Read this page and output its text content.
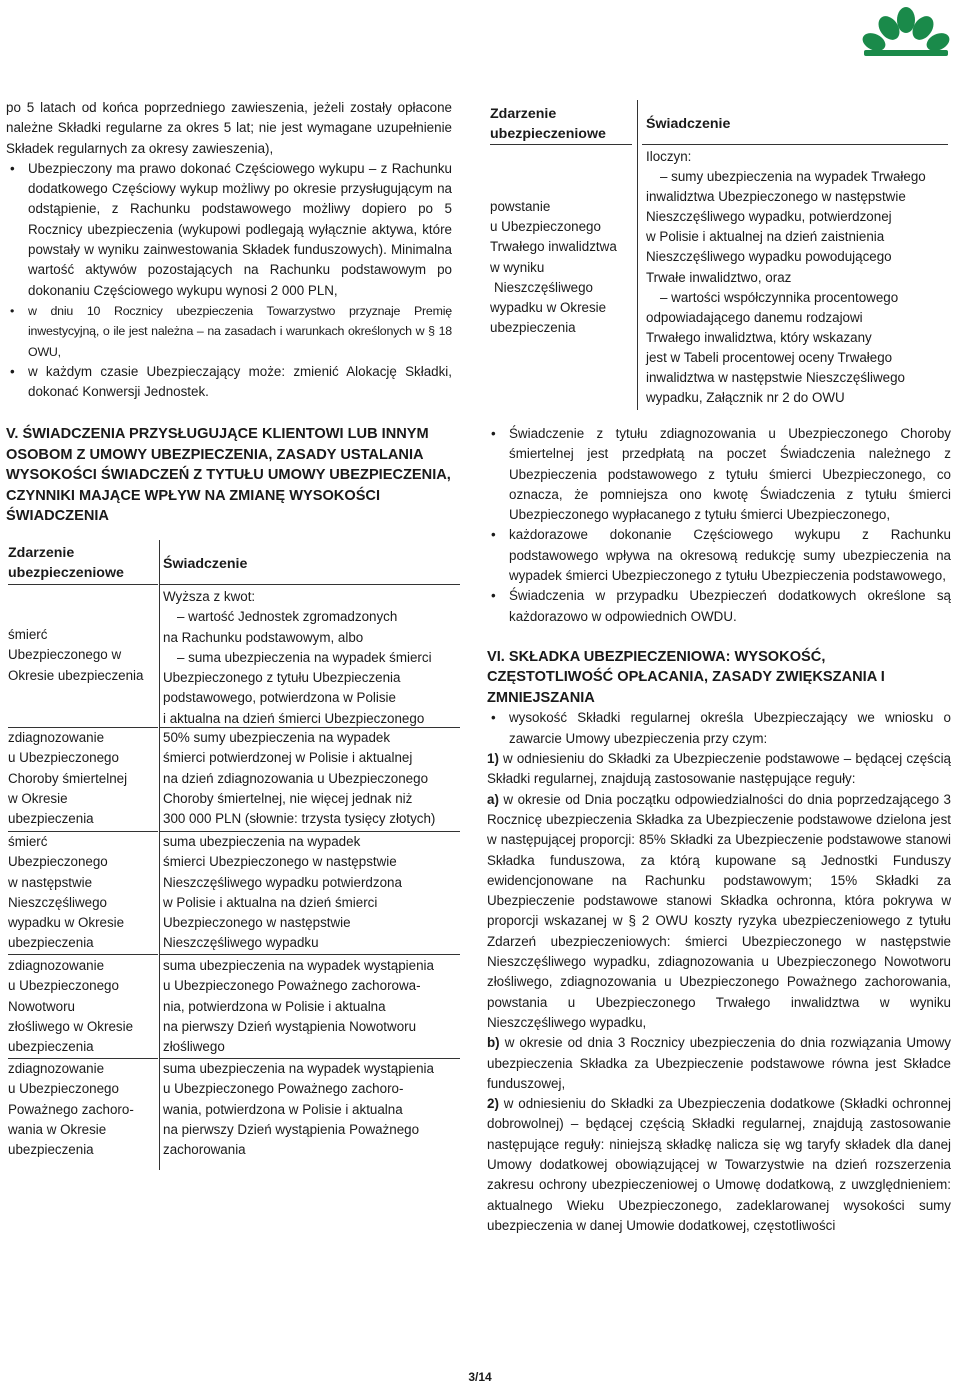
po 5 latach od końca poprzedniego zawieszenia, jeżeli zostały opłacone należne Składki regularne za okres 5 lat; nie jest wymagane uzupełnienie Składek regularnych za okresy zawieszenia),

• Ubezpieczony ma prawo dokonać Częściowego wykupu – z Rachunku dodatkowego Częściowy wykup możliwy po okresie przysługującym na odstąpienie, z Rachunku podstawowego możliwy dopiero po 5 Rocznicy ubezpieczenia (wykupowi podlegają wyłącznie aktywa, które powstały w wyniku zainwestowania Składek funduszowych). Minimalna wartość aktywów pozostających na Rachunku podstawowym po dokonaniu Częściowego wykupu wynosi 2 000 PLN,

• w dniu 10 Rocznicy ubezpieczenia Towarzystwo przyznaje Premię inwestycyjną, o ile jest należna – na zasadach i warunkach określonych w § 18 OWU,

• w każdym czasie Ubezpieczający może: zmienić Alokację Składki, dokonać Konwersji Jednostek.

V. ŚWIADCZENIA PRZYSŁUGUJĄCE KLIENTOWI LUB INNYM OSOBOM Z UMOWY UBEZPIECZENIA, ZASADY USTALANIA WYSOKOŚCI ŚWIADCZEŃ Z TYTUŁU UMOWY UBEZPIECZENIA, CZYNNIKI MAJĄCE WPŁYW NA ZMIANĘ WYSOKOŚCI ŚWIADCZENIA

Zdarzenie ubezpieczeniowe
Świadczenie
śmierć
Ubezpieczonego w
Okresie ubezpieczenia
Wyższa z kwot:
– wartość Jednostek zgromadzonych
na Rachunku podstawowym, albo
– suma ubezpieczenia na wypadek śmierci
Ubezpieczonego z tytułu Ubezpieczenia
podstawowego, potwierdzona w Polisie
i aktualna na dzień śmierci Ubezpieczonego
zdiagnozowanie
u Ubezpieczonego
Choroby śmiertelnej
w Okresie
ubezpieczenia
50% sumy ubezpieczenia na wypadek
śmierci potwierdzonej w Polisie i aktualnej
na dzień zdiagnozowania u Ubezpieczonego
Choroby śmiertelnej, nie więcej jednak niż
300 000 PLN (słownie: trzysta tysięcy złotych)
śmierć
Ubezpieczonego
w następstwie
Nieszczęśliwego
wypadku w Okresie
ubezpieczenia
suma ubezpieczenia na wypadek
śmierci Ubezpieczonego w następstwie
Nieszczęśliwego wypadku potwierdzona
w Polisie i aktualna na dzień śmierci
Ubezpieczonego w następstwie
Nieszczęśliwego wypadku
zdiagnozowanie
u Ubezpieczonego
Nowotworu
złośliwego w Okresie
ubezpieczenia
suma ubezpieczenia na wypadek wystąpienia
u Ubezpieczonego Poważnego zachorowa-
nia, potwierdzona w Polisie i aktualna
na pierwszy Dzień wystąpienia Nowotworu
złośliwego
zdiagnozowanie
u Ubezpieczonego
Poważnego zachoro-
wania w Okresie
ubezpieczenia
suma ubezpieczenia na wypadek wystąpienia
u Ubezpieczonego Poważnego zachoro-
wania, potwierdzona w Polisie i aktualna
na pierwszy Dzień wystąpienia Poważnego
zachorowania
Zdarzenie ubezpieczeniowe
Świadczenie
powstanie
u Ubezpieczonego
Trwałego inwalidztwa
w wyniku
Nieszczęśliwego
wypadku w Okresie
ubezpieczenia
Iloczyn:
– sumy ubezpieczenia na wypadek Trwałego
inwalidztwa Ubezpieczonego w następstwie
Nieszczęśliwego wypadku, potwierdzonej
w Polisie i aktualnej na dzień zaistnienia
Nieszczęśliwego wypadku powodującego
Trwałe inwalidztwo, oraz
– wartości współczynnika procentowego
odpowiadającego danemu rodzajowi
Trwałego inwalidztwa, który wskazany
jest w Tabeli procentowej oceny Trwałego
inwalidztwa w następstwie Nieszczęśliwego
wypadku, Załącznik nr 2 do OWU

• Świadczenie z tytułu zdiagnozowania u Ubezpieczonego Choroby śmiertelnej jest przedpłatą na poczet Świadczenia należnego z Ubezpieczenia podstawowego z tytułu śmierci Ubezpieczonego, co oznacza, że pomniejsza ono kwotę Świadczenia z tytułu śmierci Ubezpieczonego wypłacanego z tytułu śmierci Ubezpieczonego,

• każdorazowe dokonanie Częściowego wykupu z Rachunku podstawowego wpływa na okresową redukcję sumy ubezpieczenia na wypadek śmierci Ubezpieczonego z tytułu Ubezpieczenia podstawowego,

• Świadczenia w przypadku Ubezpieczeń dodatkowych określone są każdorazowo w odpowiednich OWDU.

VI. SKŁADKA UBEZPIECZENIOWA: WYSOKOŚĆ, CZĘSTOTLIWOŚĆ OPŁACANIA, ZASADY ZWIĘKSZANIA I ZMNIEJSZANIA

• wysokość Składki regularnej określa Ubezpieczający we wniosku o zawarcie Umowy ubezpieczenia przy czym:

1) w odniesieniu do Składki za Ubezpieczenie podstawowe – będącej częścią Składki regularnej, znajdują zastosowanie następujące reguły:

a) w okresie od Dnia początku odpowiedzialności do dnia poprzedzającego 3 Rocznicę ubezpieczenia Składka za Ubezpieczenie podstawowe dzielona jest w następującej proporcji: 85% Składki za Ubezpieczenie podstawowe stanowi Składka funduszowa, za którą kupowane są Jednostki Funduszy ewidencjonowane na Rachunku podstawowym; 15% Składki za Ubezpieczenie podstawowe stanowi Składka ochronna, która pokrywa w proporcji wskazanej w § 2 OWU koszty ryzyka ubezpieczeniowego z tytułu Zdarzeń ubezpieczeniowych: śmierci Ubezpieczonego w następstwie Nieszczęśliwego wypadku, zdiagnozowania u Ubezpieczonego Nowotworu złośliwego, zdiagnozowania u Ubezpieczonego Poważnego zachorowania, powstania u Ubezpieczonego Trwałego inwalidztwa w wyniku Nieszczęśliwego wypadku,

b) w okresie od dnia 3 Rocznicy ubezpieczenia do dnia rozwiązania Umowy ubezpieczenia Składka za Ubezpieczenie podstawowe równa jest Składce funduszowej,

2) w odniesieniu do Składki za Ubezpieczenia dodatkowe (Składki ochronnej dobrowolnej) – będącej częścią Składki regularnej, znajdują zastosowanie następujące reguły: niniejszą składkę nalicza się wg taryfy składek dla danej Umowy dodatkowej obowiązującej w Towarzystwie na dzień rozszerzenia zakresu ochrony ubezpieczeniowej o Umowę dodatkową, z uwzględnieniem: aktualnego Wieku Ubezpieczonego, zadeklarowanej wysokości sumy ubezpieczenia w danej Umowie dodatkowej, częstotliwości

3/14
